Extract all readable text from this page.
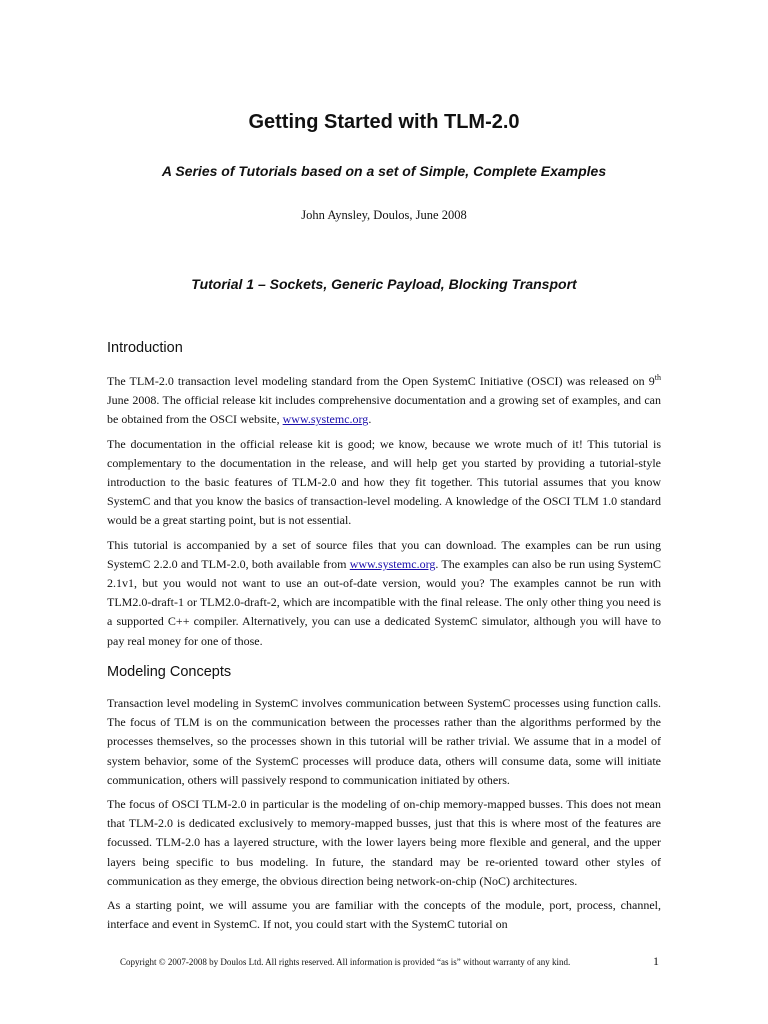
Getting Started with TLM-2.0
A Series of Tutorials based on a set of Simple, Complete Examples
John Aynsley, Doulos, June 2008
Tutorial 1 – Sockets, Generic Payload, Blocking Transport
Introduction

The TLM-2.0 transaction level modeling standard from the Open SystemC Initiative (OSCI) was released on 9th June 2008. The official release kit includes comprehensive documentation and a growing set of examples, and can be obtained from the OSCI website, www.systemc.org.

The documentation in the official release kit is good; we know, because we wrote much of it! This tutorial is complementary to the documentation in the release, and will help get you started by providing a tutorial-style introduction to the basic features of TLM-2.0 and how they fit together. This tutorial assumes that you know SystemC and that you know the basics of transaction-level modeling. A knowledge of the OSCI TLM 1.0 standard would be a great starting point, but is not essential.

This tutorial is accompanied by a set of source files that you can download. The examples can be run using SystemC 2.2.0 and TLM-2.0, both available from www.systemc.org. The examples can also be run using SystemC 2.1v1, but you would not want to use an out-of-date version, would you? The examples cannot be run with TLM2.0-draft-1 or TLM2.0-draft-2, which are incompatible with the final release. The only other thing you need is a supported C++ compiler. Alternatively, you can use a dedicated SystemC simulator, although you will have to pay real money for one of those.

Modeling Concepts

Transaction level modeling in SystemC involves communication between SystemC processes using function calls. The focus of TLM is on the communication between the processes rather than the algorithms performed by the processes themselves, so the processes shown in this tutorial will be rather trivial. We assume that in a model of system behavior, some of the SystemC processes will produce data, others will consume data, some will initiate communication, others will passively respond to communication initiated by others.

The focus of OSCI TLM-2.0 in particular is the modeling of on-chip memory-mapped busses. This does not mean that TLM-2.0 is dedicated exclusively to memory-mapped busses, just that this is where most of the features are focussed. TLM-2.0 has a layered structure, with the lower layers being more flexible and general, and the upper layers being specific to bus modeling. In future, the standard may be re-oriented toward other styles of communication as they emerge, the obvious direction being network-on-chip (NoC) architectures.

As a starting point, we will assume you are familiar with the concepts of the module, port, process, channel, interface and event in SystemC. If not, you could start with the SystemC tutorial on

Copyright © 2007-2008 by Doulos Ltd. All rights reserved. All information is provided “as is” without warranty of any kind.	1
